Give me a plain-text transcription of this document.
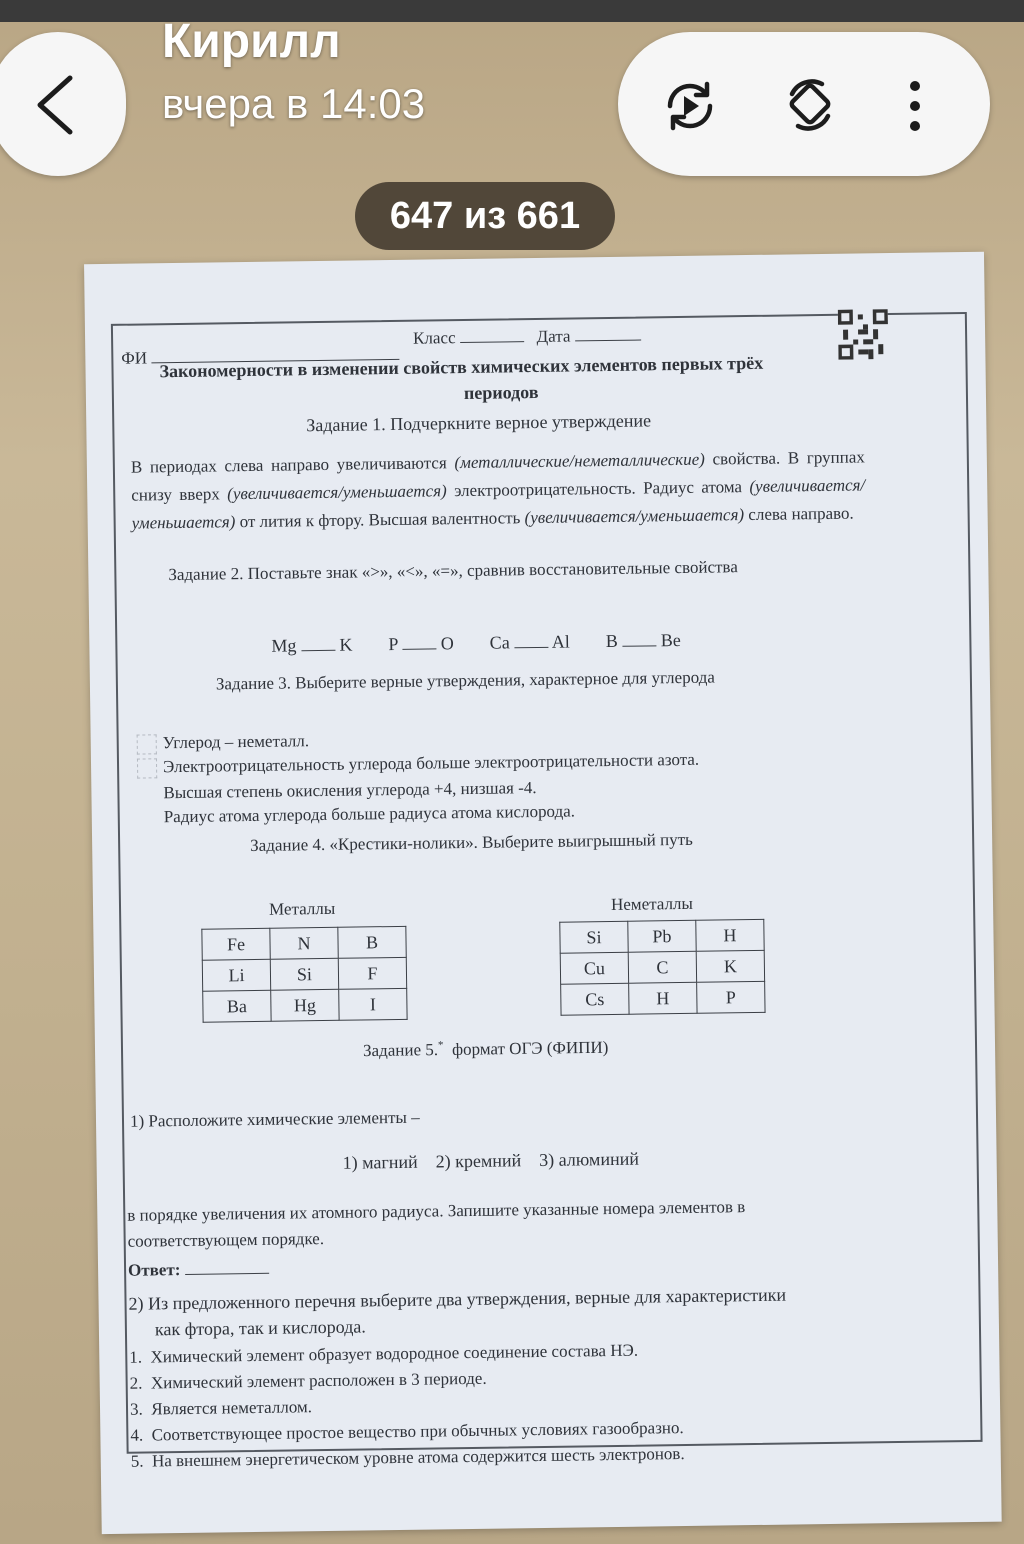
ФИ
Класс	Дата
Закономерности в изменении свойств химических элементов первых трёх
периодов
Задание 1. Подчеркните верное утверждение
В периодах слева направо увеличиваются (металлические/неметаллические) свойства. В группах снизу вверх (увеличивается/уменьшается) электроотрицательность. Радиус атома (увеличивается/уменьшается) от лития к фтору. Высшая валентность (увеличивается/уменьшается) слева направо.
Задание 2. Поставьте знак «>», «<», «=», сравнив восстановительные свойства
Mg K P O Ca Al B Be
Задание 3. Выберите верные утверждения, характерное для углерода
Углерод – неметалл.
Электроотрицательность углерода больше электроотрицательности азота.
Высшая степень окисления углерода +4, низшая -4.
Радиус атома углерода больше радиуса атома кислорода.
Задание 4. «Крестики-нолики». Выберите выигрышный путь
Металлы	Неметаллы
Fe	N	B
Li	Si	F
Ba	Hg	I
Si	Pb	H
Cu	C	K
Cs	H	P
Задание 5.* формат ОГЭ (ФИПИ)
1) Расположите химические элементы –
1) магний    2) кремний    3) алюминий
в порядке увеличения их атомного радиуса. Запишите указанные номера элементов в
соответствующем порядке.
Ответ:
2) Из предложенного перечня выберите два утверждения, верные для характеристики
как фтора, так и кислорода.
1.  Химический элемент образует водородное соединение состава НЭ.
2.  Химический элемент расположен в 3 периоде.
3.  Является неметаллом.
4.  Соответствующее простое вещество при обычных условиях газообразно.
5.  На внешнем энергетическом уровне атома содержится шесть электронов.
Кирилл
вчера в 14:03
647 из 661
